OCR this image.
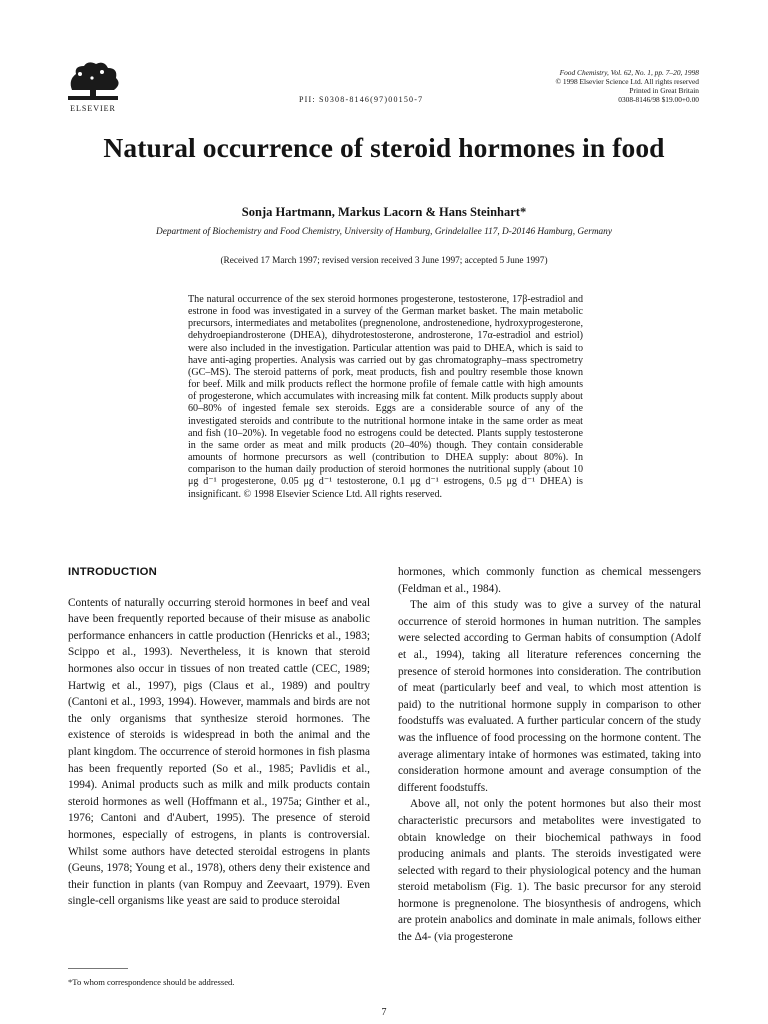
ELSEVIER
PII: S0308-8146(97)00150-7
Food Chemistry, Vol. 62, No. 1, pp. 7–20, 1998
© 1998 Elsevier Science Ltd. All rights reserved
Printed in Great Britain
0308-8146/98 $19.00+0.00
Natural occurrence of steroid hormones in food
Sonja Hartmann, Markus Lacorn & Hans Steinhart*
Department of Biochemistry and Food Chemistry, University of Hamburg, Grindelallee 117, D-20146 Hamburg, Germany
(Received 17 March 1997; revised version received 3 June 1997; accepted 5 June 1997)
The natural occurrence of the sex steroid hormones progesterone, testosterone, 17β-estradiol and estrone in food was investigated in a survey of the German market basket. The main metabolic precursors, intermediates and metabolites (pregnenolone, androstenedione, hydroxyprogesterone, dehydroepiandrosterone (DHEA), dihydrotestosterone, androsterone, 17α-estradiol and estriol) were also included in the investigation. Particular attention was paid to DHEA, which is said to have anti-aging properties. Analysis was carried out by gas chromatography–mass spectrometry (GC–MS). The steroid patterns of pork, meat products, fish and poultry resemble those known for beef. Milk and milk products reflect the hormone profile of female cattle with high amounts of progesterone, which accumulates with increasing milk fat content. Milk products supply about 60–80% of ingested female sex steroids. Eggs are a considerable source of any of the investigated steroids and contribute to the nutritional hormone intake in the same order as meat and fish (10–20%). In vegetable food no estrogens could be detected. Plants supply testosterone in the same order as meat and milk products (20–40%) though. They contain considerable amounts of hormone precursors as well (contribution to DHEA supply: about 80%). In comparison to the human daily production of steroid hormones the nutritional supply (about 10 μg d⁻¹ progesterone, 0.05 μg d⁻¹ testosterone, 0.1 μg d⁻¹ estrogens, 0.5 μg d⁻¹ DHEA) is insignificant. © 1998 Elsevier Science Ltd. All rights reserved.
INTRODUCTION

Contents of naturally occurring steroid hormones in beef and veal have been frequently reported because of their misuse as anabolic performance enhancers in cattle production (Henricks et al., 1983; Scippo et al., 1993). Nevertheless, it is known that steroid hormones also occur in tissues of non treated cattle (CEC, 1989; Hartwig et al., 1997), pigs (Claus et al., 1989) and poultry (Cantoni et al., 1993, 1994). However, mammals and birds are not the only organisms that synthesize steroid hormones. The existence of steroids is widespread in both the animal and the plant kingdom. The occurrence of steroid hormones in fish plasma has been frequently reported (So et al., 1985; Pavlidis et al., 1994). Animal products such as milk and milk products contain steroid hormones as well (Hoffmann et al., 1975a; Ginther et al., 1976; Cantoni and d'Aubert, 1995). The presence of steroid hormones, especially of estrogens, in plants is controversial. Whilst some authors have detected steroidal estrogens in plants (Geuns, 1978; Young et al., 1978), others deny their existence and their function in plants (van Rompuy and Zeevaart, 1979). Even single-cell organisms like yeast are said to produce steroidal

hormones, which commonly function as chemical messengers (Feldman et al., 1984).

The aim of this study was to give a survey of the natural occurrence of steroid hormones in human nutrition. The samples were selected according to German habits of consumption (Adolf et al., 1994), taking all literature references concerning the presence of steroid hormones into consideration. The contribution of meat (particularly beef and veal, to which most attention is paid) to the nutritional hormone supply in comparison to other foodstuffs was evaluated. A further particular concern of the study was the influence of food processing on the hormone content. The average alimentary intake of hormones was estimated, taking into consideration hormone amount and average consumption of the different foodstuffs.

Above all, not only the potent hormones but also their most characteristic precursors and metabolites were investigated to obtain knowledge on their biochemical pathways in food producing animals and plants. The steroids investigated were selected with regard to their physiological potency and the human steroid metabolism (Fig. 1). The basic precursor for any steroid hormone is pregnenolone. The biosynthesis of androgens, which are protein anabolics and dominate in male animals, follows either the Δ4- (via progesterone

*To whom correspondence should be addressed.
7
